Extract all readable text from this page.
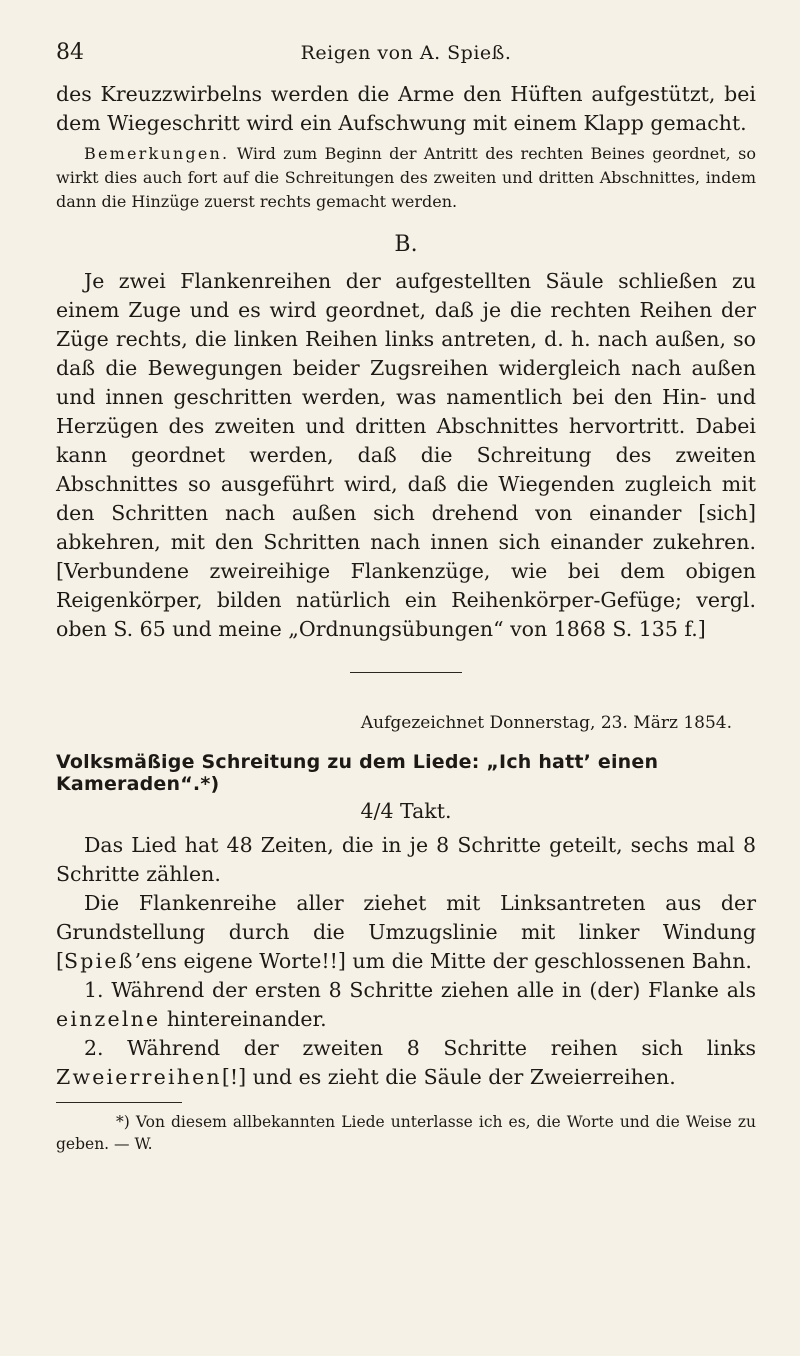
84	Reigen von A. Spieß.

des Kreuzzwirbelns werden die Arme den Hüften aufgestützt, bei dem Wiegeschritt wird ein Aufschwung mit einem Klapp gemacht.

Bemerkungen. Wird zum Beginn der Antritt des rechten Beines geordnet, so wirkt dies auch fort auf die Schreitungen des zweiten und dritten Abschnittes, indem dann die Hinzüge zuerst rechts gemacht werden.

B.

Je zwei Flankenreihen der aufgestellten Säule schließen zu einem Zuge und es wird geordnet, daß je die rechten Reihen der Züge rechts, die linken Reihen links antreten, d. h. nach außen, so daß die Bewegungen beider Zugsreihen widergleich nach außen und innen geschritten werden, was namentlich bei den Hin- und Herzügen des zweiten und dritten Abschnittes hervortritt. Dabei kann geordnet werden, daß die Schreitung des zweiten Abschnittes so ausgeführt wird, daß die Wiegenden zugleich mit den Schritten nach außen sich drehend von einander [sich] abkehren, mit den Schritten nach innen sich einander zukehren. [Verbundene zweireihige Flankenzüge, wie bei dem obigen Reigenkörper, bilden natürlich ein Reihenkörper-Gefüge; vergl. oben S. 65 und meine „Ordnungsübungen“ von 1868 S. 135 f.]

Aufgezeichnet Donnerstag, 23. März 1854.
Volksmäßige Schreitung zu dem Liede: „Ich hatt’ einen Kameraden“.*)
4/4 Takt.

Das Lied hat 48 Zeiten, die in je 8 Schritte geteilt, sechs mal 8 Schritte zählen.

Die Flankenreihe aller ziehet mit Linksantreten aus der Grundstellung durch die Umzugslinie mit linker Windung [Spieß’ens eigene Worte!!] um die Mitte der geschlossenen Bahn.

1. Während der ersten 8 Schritte ziehen alle in (der) Flanke als einzelne hintereinander.

2. Während der zweiten 8 Schritte reihen sich links Zweierreihen[!] und es zieht die Säule der Zweierreihen.

*) Von diesem allbekannten Liede unterlasse ich es, die Worte und die Weise zu geben. — W.
